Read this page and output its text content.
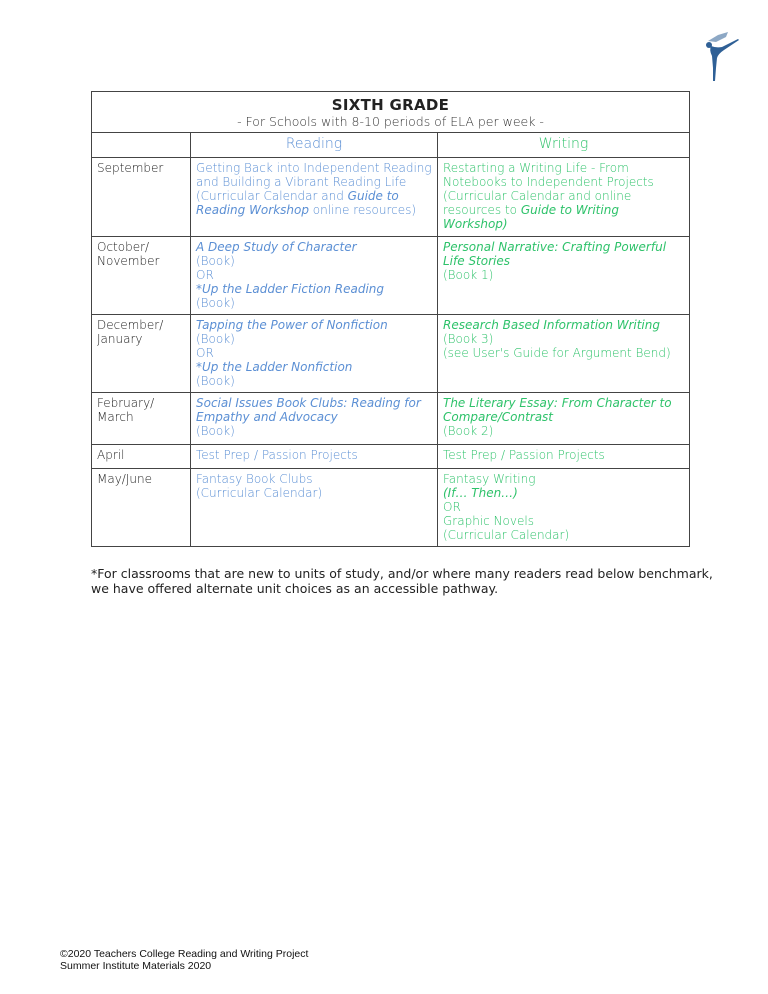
SIXTH GRADE
- For Schools with 8-10 periods of ELA per week -		

	Reading	Writing

September	Getting Back into Independent Reading
and Building a Vibrant Reading Life
(Curricular Calendar and Guide to
Reading Workshop online resources)	Restarting a Writing Life - From
Notebooks to Independent Projects
(Curricular Calendar and online
resources to Guide to Writing
Workshop)

October/
November	A Deep Study of Character
(Book)
OR
*Up the Ladder Fiction Reading
(Book)	Personal Narrative: Crafting Powerful
Life Stories
(Book 1)

December/
January	Tapping the Power of Nonfiction
(Book)
OR
*Up the Ladder Nonfiction
(Book)	Research Based Information Writing
(Book 3)
(see User's Guide for Argument Bend)

February/
March	Social Issues Book Clubs: Reading for
Empathy and Advocacy
(Book)	The Literary Essay: From Character to
Compare/Contrast
(Book 2)

April	Test Prep / Passion Projects	Test Prep / Passion Projects

May/June	Fantasy Book Clubs
(Curricular Calendar)	Fantasy Writing
(If… Then…)
OR
Graphic Novels
(Curricular Calendar)
*For classrooms that are new to units of study, and/or where many readers read below benchmark,
we have offered alternate unit choices as an accessible pathway.
©2020 Teachers College Reading and Writing Project
Summer Institute Materials 2020
